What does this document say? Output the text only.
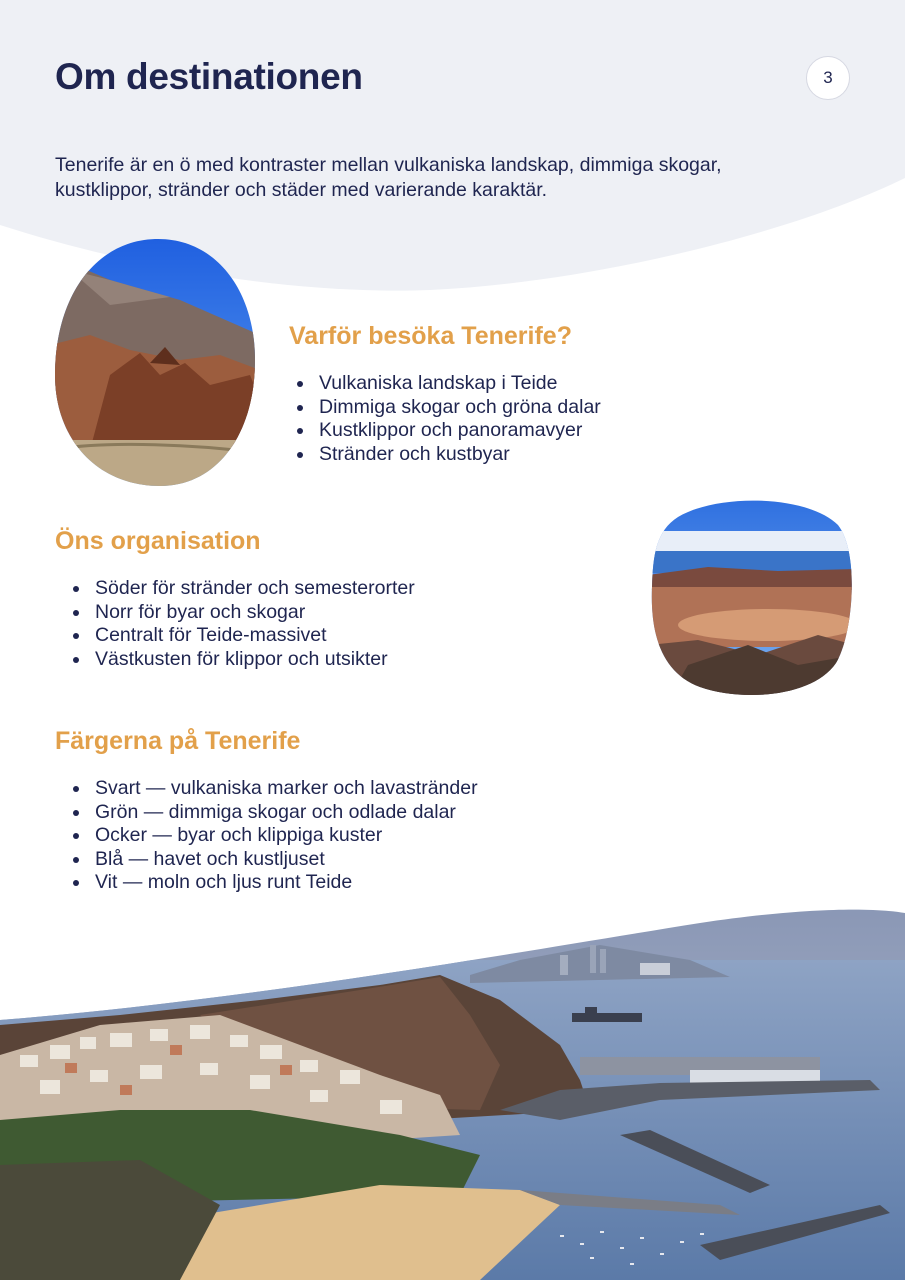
Om destinationen	3

Tenerife är en ö med kontraster mellan vulkaniska landskap, dimmiga skogar, kustklippor, stränder och städer med varierande karaktär.

Varför besöka Tenerife?
• Vulkaniska landskap i Teide
• Dimmiga skogar och gröna dalar
• Kustklippor och panoramavyer
• Stränder och kustbyar
Öns organisation
• Söder för stränder och semesterorter
• Norr för byar och skogar
• Centralt för Teide-massivet
• Västkusten för klippor och utsikter
Färgerna på Tenerife
• Svart — vulkaniska marker och lavastränder
• Grön — dimmiga skogar och odlade dalar
• Ocker — byar och klippiga kuster
• Blå — havet och kustljuset
• Vit — moln och ljus runt Teide
